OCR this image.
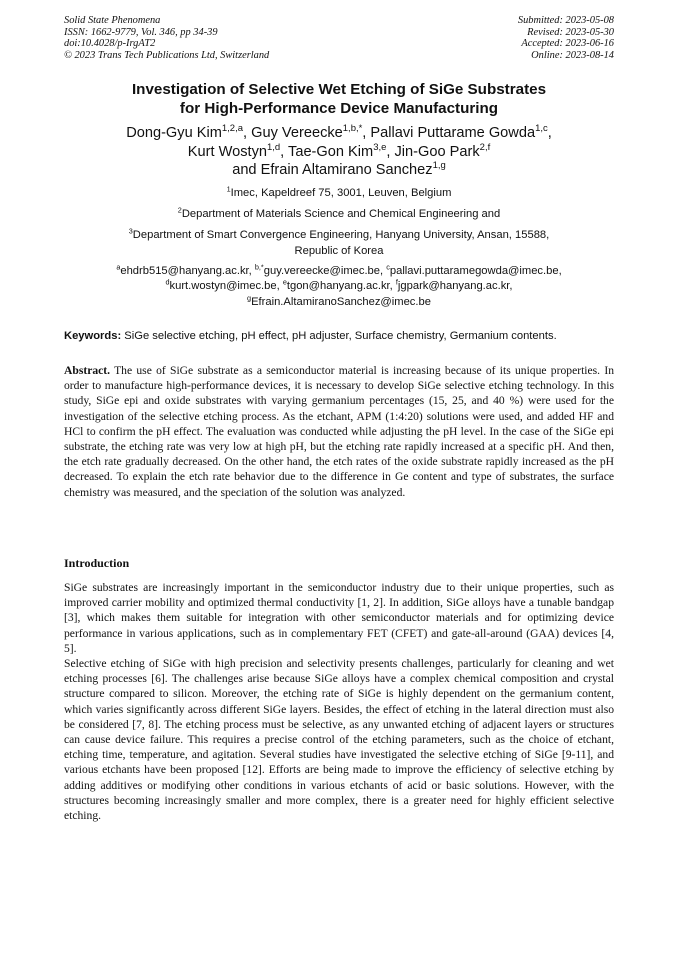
Solid State Phenomena
ISSN: 1662-9779, Vol. 346, pp 34-39
doi:10.4028/p-IrgAT2
© 2023 Trans Tech Publications Ltd, Switzerland
Submitted: 2023-05-08
Revised: 2023-05-30
Accepted: 2023-06-16
Online: 2023-08-14
Investigation of Selective Wet Etching of SiGe Substrates
for High-Performance Device Manufacturing
Dong-Gyu Kim$^{1,2,a}$, Guy Vereecke$^{1,b,*}$, Pallavi Puttarame Gowda$^{1,c}$,
Kurt Wostyn$^{1,d}$, Tae-Gon Kim$^{3,e}$, Jin-Goo Park$^{2,f}$
and Efrain Altamirano Sanchez$^{1,g}$
$^1$Imec, Kapeldreef 75, 3001, Leuven, Belgium
$^2$Department of Materials Science and Chemical Engineering and
$^3$Department of Smart Convergence Engineering, Hanyang University, Ansan, 15588,
Republic of Korea
$^a$ehdrb515@hanyang.ac.kr, $^{b,*}$guy.vereecke@imec.be, $^c$pallavi.puttaramegowda@imec.be,
$^d$kurt.wostyn@imec.be, $^e$tgon@hanyang.ac.kr, $^f$jgpark@hanyang.ac.kr,
$^g$Efrain.AltamiranoSanchez@imec.be
Keywords: SiGe selective etching, pH effect, pH adjuster, Surface chemistry, Germanium contents.
Abstract. The use of SiGe substrate as a semiconductor material is increasing because of its unique properties. In order to manufacture high-performance devices, it is necessary to develop SiGe selective etching technology. In this study, SiGe epi and oxide substrates with varying germanium percentages (15, 25, and 40 %) were used for the investigation of the selective etching process. As the etchant, APM (1:4:20) solutions were used, and added HF and HCl to confirm the pH effect. The evaluation was conducted while adjusting the pH level. In the case of the SiGe epi substrate, the etching rate was very low at high pH, but the etching rate rapidly increased at a specific pH. And then, the etch rate gradually decreased. On the other hand, the etch rates of the oxide substrate rapidly increased as the pH decreased. To explain the etch rate behavior due to the difference in Ge content and type of substrates, the surface chemistry was measured, and the speciation of the solution was analyzed.
Introduction
SiGe substrates are increasingly important in the semiconductor industry due to their unique properties, such as improved carrier mobility and optimized thermal conductivity [1, 2]. In addition, SiGe alloys have a tunable bandgap [3], which makes them suitable for integration with other semiconductor materials and for optimizing device performance in various applications, such as in complementary FET (CFET) and gate-all-around (GAA) devices [4, 5].
Selective etching of SiGe with high precision and selectivity presents challenges, particularly for cleaning and wet etching processes [6]. The challenges arise because SiGe alloys have a complex chemical composition and crystal structure compared to silicon. Moreover, the etching rate of SiGe is highly dependent on the germanium content, which varies significantly across different SiGe layers. Besides, the effect of etching in the lateral direction must also be considered [7, 8]. The etching process must be selective, as any unwanted etching of adjacent layers or structures can cause device failure. This requires a precise control of the etching parameters, such as the choice of etchant, etching time, temperature, and agitation. Several studies have investigated the selective etching of SiGe [9-11], and various etchants have been proposed [12]. Efforts are being made to improve the efficiency of selective etching by adding additives or modifying other conditions in various etchants of acid or basic solutions. However, with the structures becoming increasingly smaller and more complex, there is a greater need for highly efficient selective etching.
